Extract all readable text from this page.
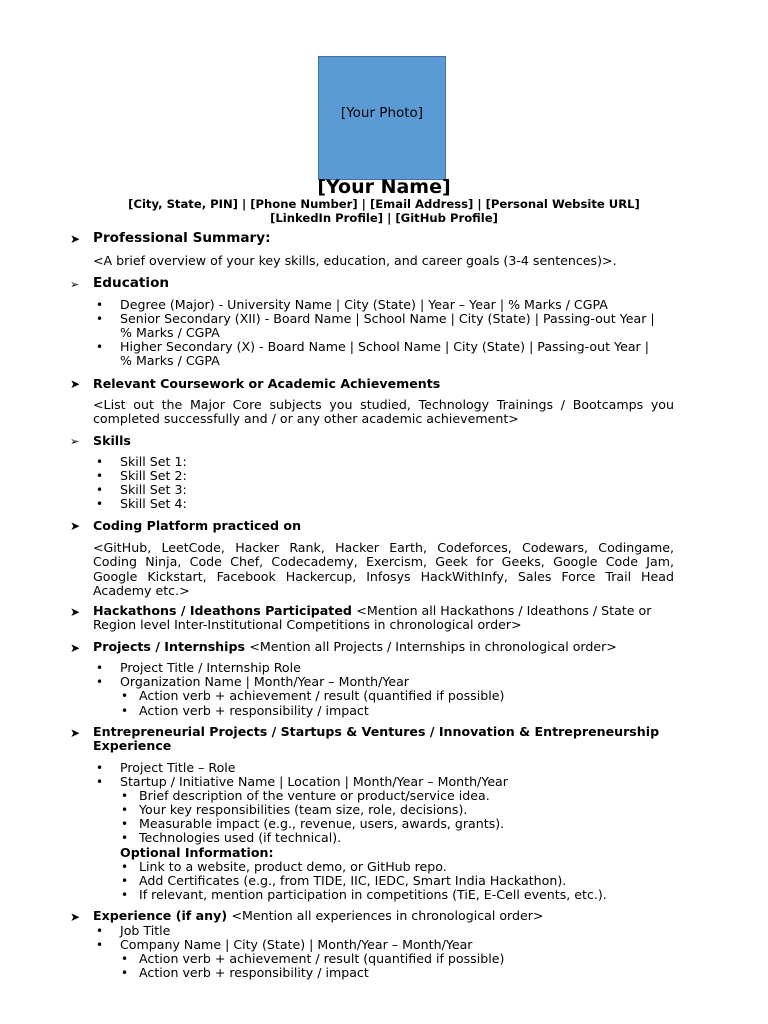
[Your Photo]
[Your Name]
[City, State, PIN] | [Phone Number] | [Email Address] | [Personal Website URL]
[LinkedIn Profile] | [GitHub Profile]
➤ Professional Summary:
<A brief overview of your key skills, education, and career goals (3-4 sentences)>.
➢ Education
• Degree (Major) - University Name | City (State) | Year – Year | % Marks / CGPA
• Senior Secondary (XII) - Board Name | School Name | City (State) | Passing-out Year |
% Marks / CGPA
• Higher Secondary (X) - Board Name | School Name | City (State) | Passing-out Year |
% Marks / CGPA
➤ Relevant Coursework or Academic Achievements
<List out the Major Core subjects you studied, Technology Trainings / Bootcamps you
completed successfully and / or any other academic achievement>
➢ Skills
• Skill Set 1:
• Skill Set 2:
• Skill Set 3:
• Skill Set 4:
➤ Coding Platform practiced on
<GitHub, LeetCode, Hacker Rank, Hacker Earth, Codeforces, Codewars, Codingame,
Coding Ninja, Code Chef, Codecademy, Exercism, Geek for Geeks, Google Code Jam,
Google Kickstart, Facebook Hackercup, Infosys HackWithInfy, Sales Force Trail Head
Academy etc.>
➤ Hackathons / Ideathons Participated <Mention all Hackathons / Ideathons / State or
Region level Inter-Institutional Competitions in chronological order>
➤ Projects / Internships <Mention all Projects / Internships in chronological order>
• Project Title / Internship Role
• Organization Name | Month/Year – Month/Year
• Action verb + achievement / result (quantified if possible)
• Action verb + responsibility / impact
➤ Entrepreneurial Projects / Startups & Ventures / Innovation & Entrepreneurship
Experience
• Project Title – Role
• Startup / Initiative Name | Location | Month/Year – Month/Year
• Brief description of the venture or product/service idea.
• Your key responsibilities (team size, role, decisions).
• Measurable impact (e.g., revenue, users, awards, grants).
• Technologies used (if technical).
Optional Information:
• Link to a website, product demo, or GitHub repo.
• Add Certificates (e.g., from TIDE, IIC, IEDC, Smart India Hackathon).
• If relevant, mention participation in competitions (TiE, E-Cell events, etc.).
➤ Experience (if any) <Mention all experiences in chronological order>
• Job Title
• Company Name | City (State) | Month/Year – Month/Year
• Action verb + achievement / result (quantified if possible)
• Action verb + responsibility / impact
